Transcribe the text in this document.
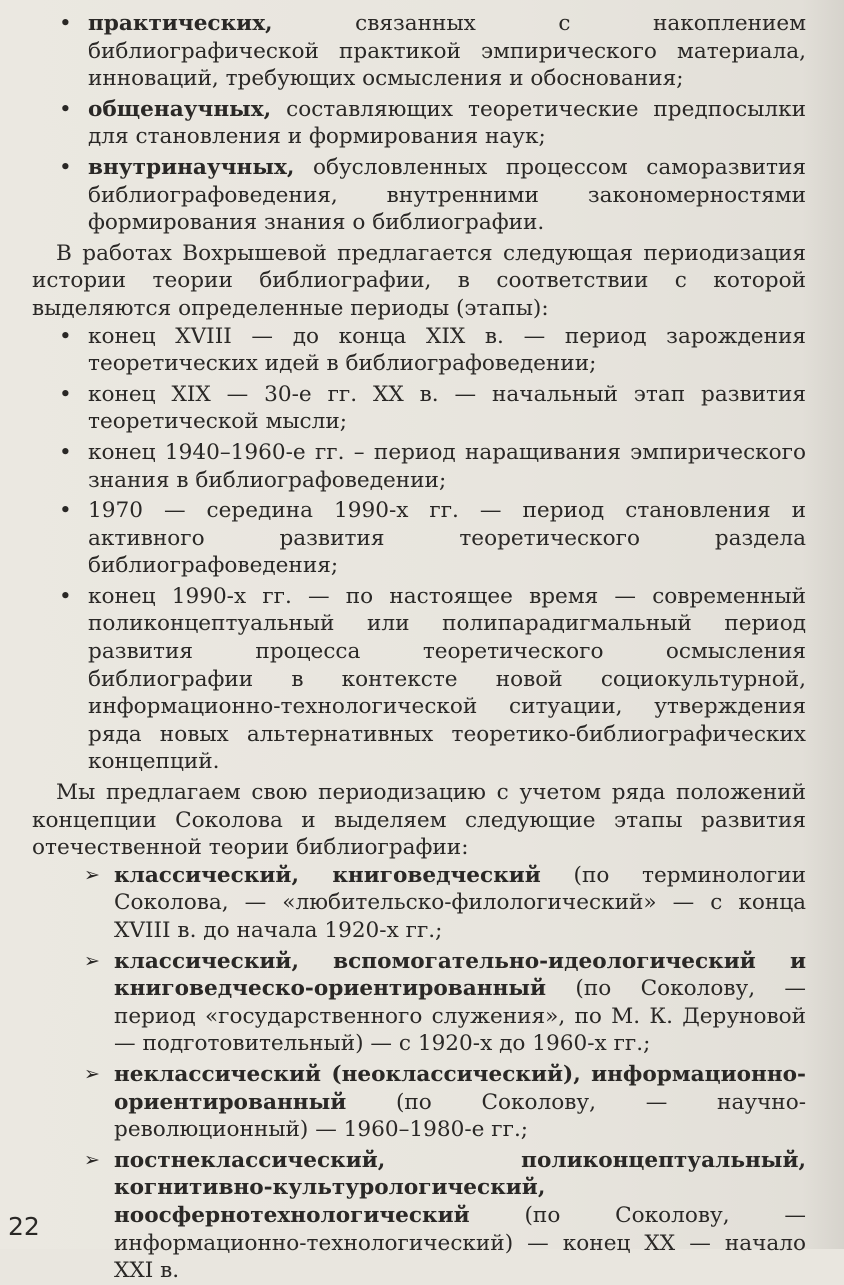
• практических, связанных с накоплением библиографической практикой эмпирического материала, инноваций, требующих осмысления и обоснования;
• общенаучных, составляющих теоретические предпосылки для становления и формирования наук;
• внутринаучных, обусловленных процессом саморазвития библиографоведения, внутренними закономерностями формирования знания о библиографии.

В работах Вохрышевой предлагается следующая периодизация истории теории библиографии, в соответствии с которой выделяются определенные периоды (этапы):

• конец XVIII — до конца XIX в. — период зарождения теоретических идей в библиографоведении;
• конец XIX — 30-е гг. XX в. — начальный этап развития теоретической мысли;
• конец 1940–1960-е гг. – период наращивания эмпирического знания в библиографоведении;
• 1970 — середина 1990-х гг. — период становления и активного развития теоретического раздела библиографоведения;
• конец 1990-х гг. — по настоящее время — современный поликонцептуальный или полипарадигмальный период развития процесса теоретического осмысления библиографии в контексте новой социокультурной, информационно-технологической ситуации, утверждения ряда новых альтернативных теоретико-библиографических концепций.

Мы предлагаем свою периодизацию с учетом ряда положений концепции Соколова и выделяем следующие этапы развития отечественной теории библиографии:

➢ классический, книговедческий (по терминологии Соколова, — «любительско-филологический» — с конца XVIII в. до начала 1920-х гг.;
➢ классический, вспомогательно-идеологический и книговедческо-ориентированный (по Соколову, — период «государственного служения», по М. К. Деруновой — подготовительный) — с 1920-х до 1960-х гг.;
➢ неклассический (неоклассический), информационно-ориентированный (по Соколову, — научно-революционный) — 1960–1980-е гг.;
➢ постнеклассический, поликонцептуальный, когнитивно-культурологический, ноосфернотехнологический (по Соколову, — информационно-технологический) — конец XX — начало XXI в.
22
